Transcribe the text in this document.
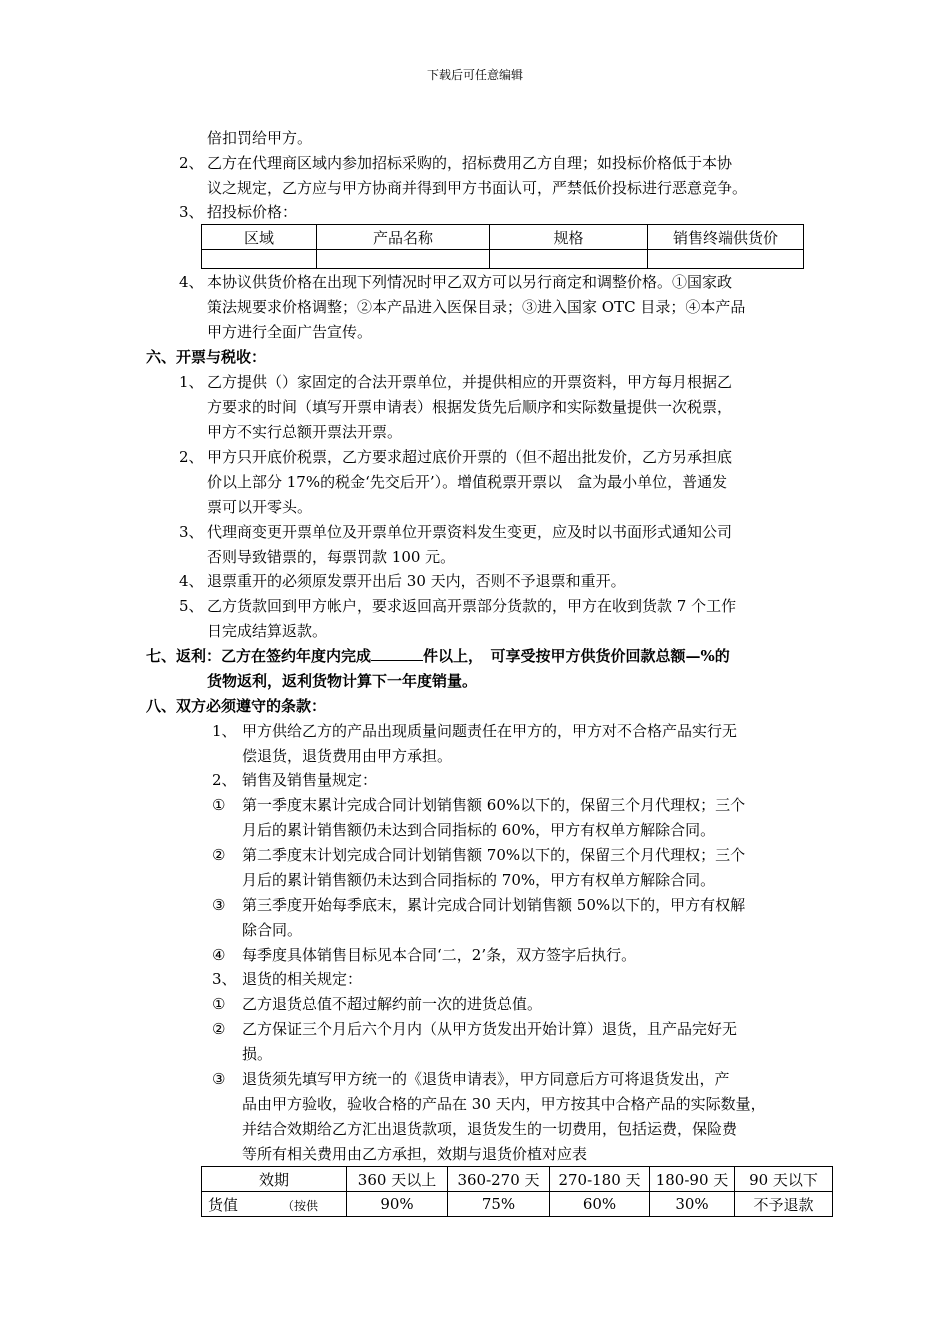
下载后可任意编辑
倍扣罚给甲方。
2、 乙方在代理商区域内参加招标采购的，招标费用乙方自理；如投标价格低于本协
议之规定，乙方应与甲方协商并得到甲方书面认可，严禁低价投标进行恶意竞争。
3、 招投标价格：
区域	产品名称	规格	销售终端供货价

4、 本协议供货价格在出现下列情况时甲乙双方可以另行商定和调整价格。①国家政
策法规要求价格调整；②本产品进入医保目录；③进入国家 OTC 目录；④本产品
甲方进行全面广告宣传。
六、开票与税收：
1、 乙方提供（）家固定的合法开票单位，并提供相应的开票资料，甲方每月根据乙
方要求的时间（填写开票申请表）根据发货先后顺序和实际数量提供一次税票，
甲方不实行总额开票法开票。
2、 甲方只开底价税票，乙方要求超过底价开票的（但不超出批发价，乙方另承担底
价以上部分 17%的税金‘先交后开’）。增值税票开票以　盒为最小单位，普通发
票可以开零头。
3、 代理商变更开票单位及开票单位开票资料发生变更，应及时以书面形式通知公司
否则导致错票的，每票罚款 100 元。
4、 退票重开的必须原发票开出后 30 天内，否则不予退票和重开。
5、 乙方货款回到甲方帐户，要求返回高开票部分货款的，甲方在收到货款 7 个工作
日完成结算返款。
七、返利：乙方在签约年度内完成	件以上，　可享受按甲方供货价回款总额—%的
货物返利，返利货物计算下一年度销量。
八、双方必须遵守的条款：
1、 甲方供给乙方的产品出现质量问题责任在甲方的，甲方对不合格产品实行无
偿退货，退货费用由甲方承担。
2、 销售及销售量规定：
① 第一季度末累计完成合同计划销售额 60%以下的，保留三个月代理权；三个
月后的累计销售额仍未达到合同指标的 60%，甲方有权单方解除合同。
② 第二季度末计划完成合同计划销售额 70%以下的，保留三个月代理权；三个
月后的累计销售额仍未达到合同指标的 70%，甲方有权单方解除合同。
③ 第三季度开始每季底末，累计完成合同计划销售额 50%以下的，甲方有权解
除合同。
④ 每季度具体销售目标见本合同‘二，2’条，双方签字后执行。
3、 退货的相关规定：
① 乙方退货总值不超过解约前一次的进货总值。
② 乙方保证三个月后六个月内（从甲方货发出开始计算）退货，且产品完好无
损。
③ 退货须先填写甲方统一的《退货申请表》，甲方同意后方可将退货发出，产
品由甲方验收，验收合格的产品在 30 天内，甲方按其中合格产品的实际数量，
并结合效期给乙方汇出退货款项，退货发生的一切费用，包括运费，保险费
等所有相关费用由乙方承担，效期与退货价植对应表
效期	360 天以上	360-270 天	270-180 天	180-90 天	90 天以下
货值 （按供	90%	75%	60%	30%	不予退款
